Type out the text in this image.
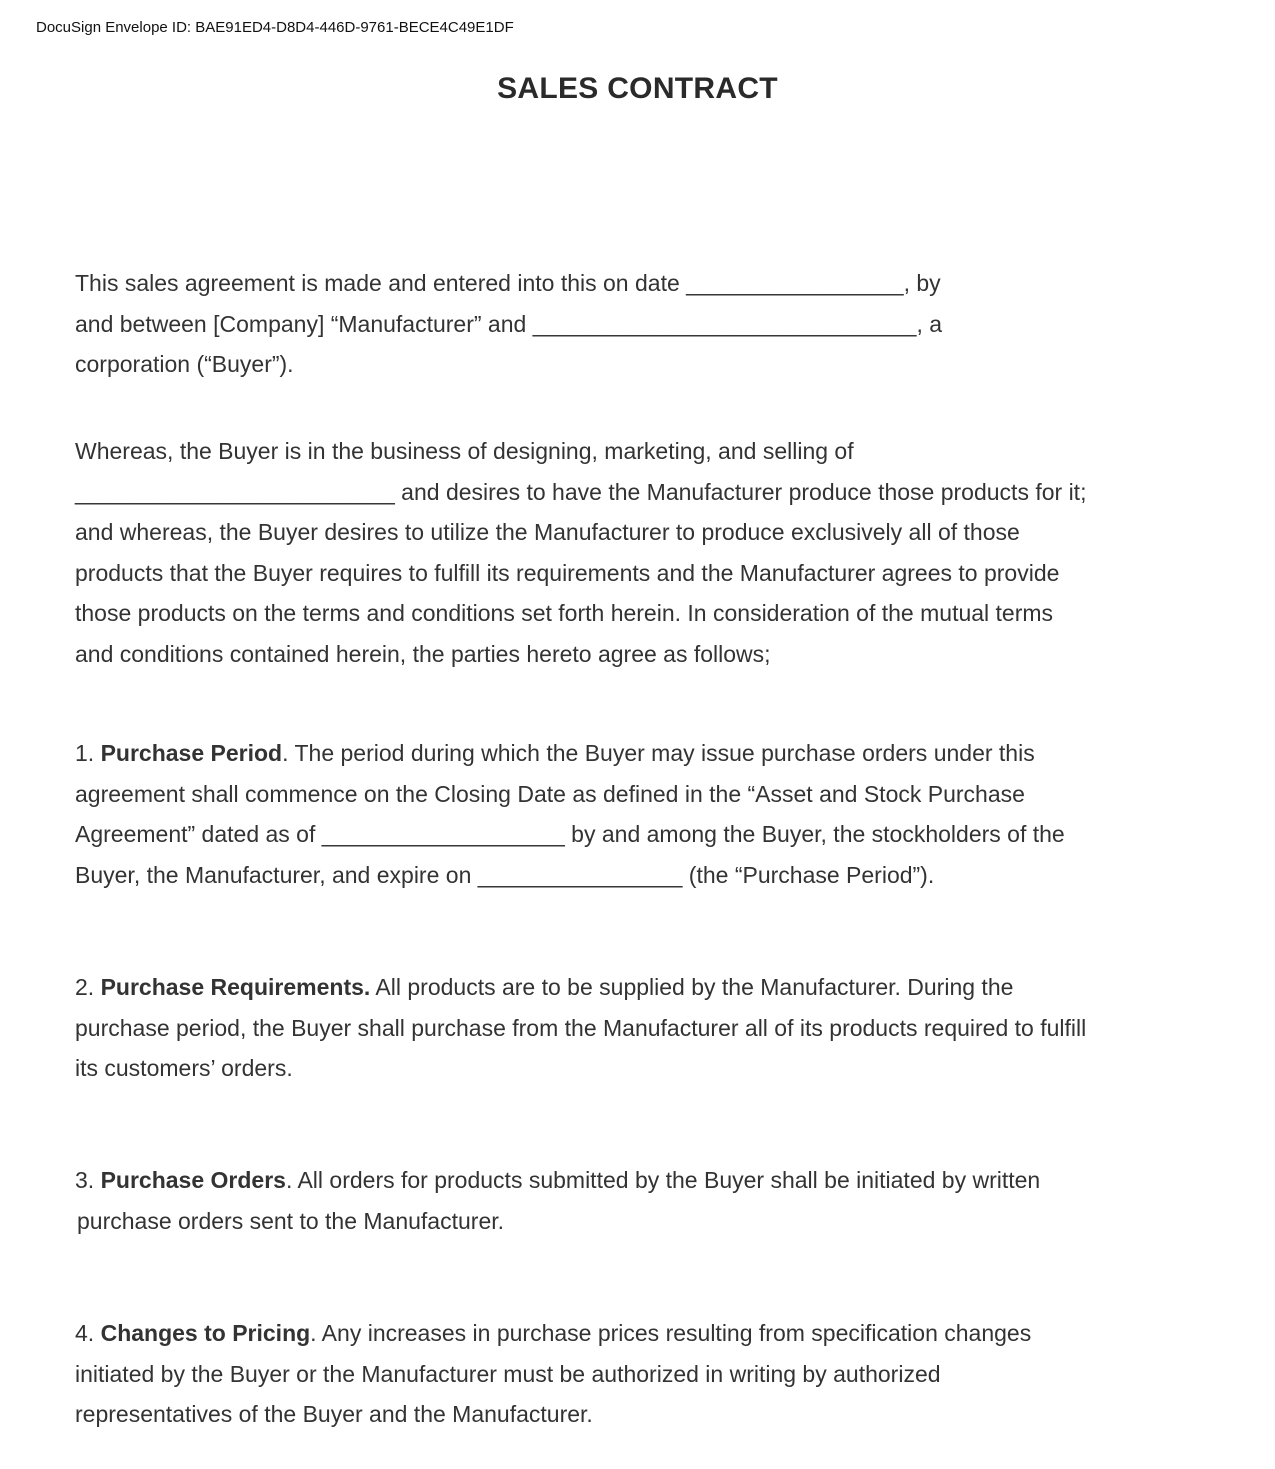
DocuSign Envelope ID: BAE91ED4-D8D4-446D-9761-BECE4C49E1DF
SALES CONTRACT
This sales agreement is made and entered into this on date _________________, by
and between [Company] “Manufacturer” and ______________________________, a
corporation (“Buyer”).
Whereas, the Buyer is in the business of designing, marketing, and selling of
_________________________ and desires to have the Manufacturer produce those products for it;
and whereas, the Buyer desires to utilize the Manufacturer to produce exclusively all of those
products that the Buyer requires to fulfill its requirements and the Manufacturer agrees to provide
those products on the terms and conditions set forth herein. In consideration of the mutual terms
and conditions contained herein, the parties hereto agree as follows;
1. Purchase Period. The period during which the Buyer may issue purchase orders under this
agreement shall commence on the Closing Date as defined in the “Asset and Stock Purchase
Agreement” dated as of ___________________ by and among the Buyer, the stockholders of the
Buyer, the Manufacturer, and expire on ________________ (the “Purchase Period”).
2. Purchase Requirements. All products are to be supplied by the Manufacturer. During the
purchase period, the Buyer shall purchase from the Manufacturer all of its products required to fulfill
its customers’ orders.
3. Purchase Orders. All orders for products submitted by the Buyer shall be initiated by written
purchase orders sent to the Manufacturer.
4. Changes to Pricing. Any increases in purchase prices resulting from specification changes
initiated by the Buyer or the Manufacturer must be authorized in writing by authorized
representatives of the Buyer and the Manufacturer.
